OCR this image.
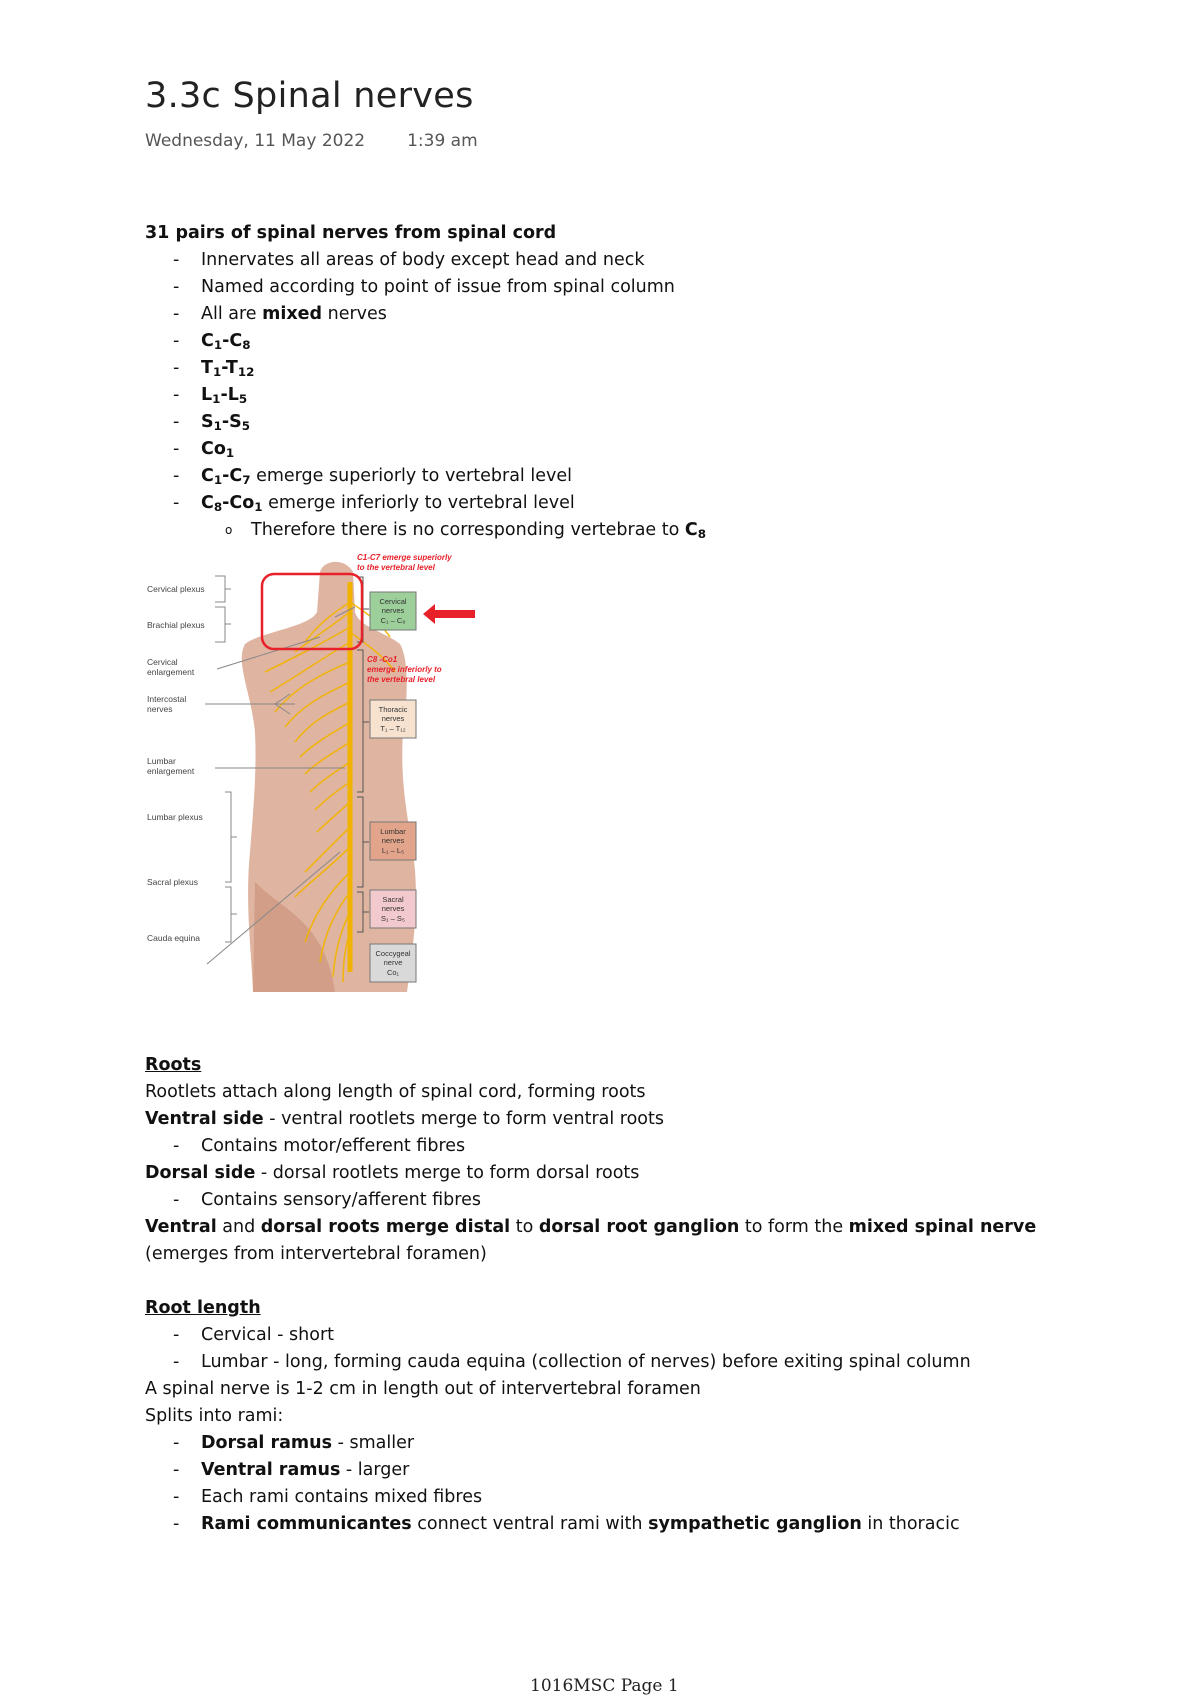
3.3c Spinal nerves
Wednesday, 11 May 2022 1:39 am

31 pairs of spinal nerves from spinal cord

-	Innervates all areas of body except head and neck
-	Named according to point of issue from spinal column
-	All are mixed nerves
-	$C_1-C_8$
-	$T_1-T_{12}$
-	$L_1-L_5$
-	$S_1-S_5$
-	$Co_1$
-	$C_1-C_7$ emerge superiorly to vertebral level
-	$C_8-Co_1$ emerge inferiorly to vertebral level
o	Therefore there is no corresponding vertebrae to $C_8$
Cervical plexus
Brachial plexus
Cervical
enlargement
Intercostal
nerves
Lumbar
enlargement
Lumbar plexus
Sacral plexus
Cauda equina
C1-C7 emerge superiorly
to the vertebral level
C8 -Co1
emerge inferiorly to
the vertebral level
Cervical
nerves
C₁ – C₈
Thoracic
nerves
T₁ – T₁₂
Lumbar
nerves
L₁ – L₅
Sacral
nerves
S₁ – S₅
Coccygeal
nerve
Co₁

Roots

Rootlets attach along length of spinal cord, forming roots

Ventral side - ventral rootlets merge to form ventral roots

-	Contains motor/efferent fibres

Dorsal side - dorsal rootlets merge to form dorsal roots

-	Contains sensory/afferent fibres

Ventral and dorsal roots merge distal to dorsal root ganglion to form the mixed spinal nerve

(emerges from intervertebral foramen)

Root length

-	Cervical - short
-	Lumbar - long, forming cauda equina (collection of nerves) before exiting spinal column

A spinal nerve is 1-2 cm in length out of intervertebral foramen

Splits into rami:

-	Dorsal ramus - smaller
-	Ventral ramus - larger
-	Each rami contains mixed fibres
-	Rami communicantes connect ventral rami with sympathetic ganglion in thoracic
1016MSC Page 1
